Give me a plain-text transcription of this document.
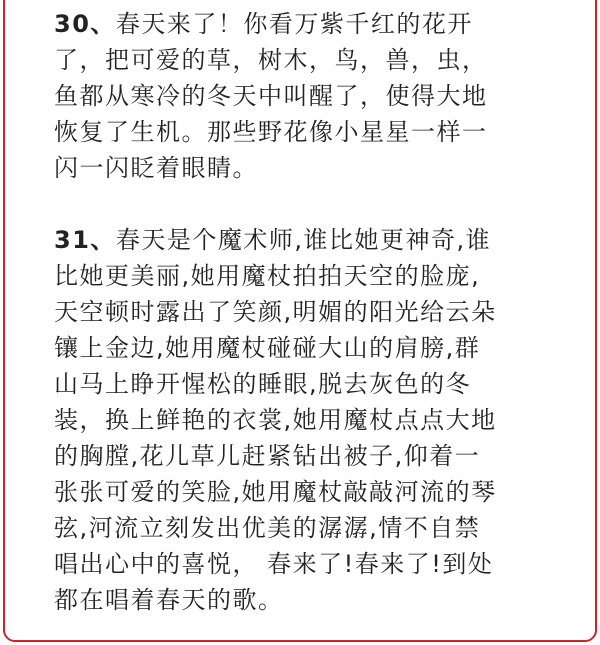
30、春天来了！你看万紫千红的花开
了，把可爱的草，树木，鸟，兽，虫，
鱼都从寒冷的冬天中叫醒了，使得大地
恢复了生机。那些野花像小星星一样一
闪一闪眨着眼睛。

31、春天是个魔术师,谁比她更神奇,谁
比她更美丽,她用魔杖拍拍天空的脸庞,
天空顿时露出了笑颜,明媚的阳光给云朵
镶上金边,她用魔杖碰碰大山的肩膀,群
山马上睁开惺松的睡眼,脱去灰色的冬
装，换上鲜艳的衣裳,她用魔杖点点大地
的胸膛,花儿草儿赶紧钻出被子,仰着一
张张可爱的笑脸,她用魔杖敲敲河流的琴
弦,河流立刻发出优美的潺潺,情不自禁
唱出心中的喜悦， 春来了!春来了!到处
都在唱着春天的歌。
